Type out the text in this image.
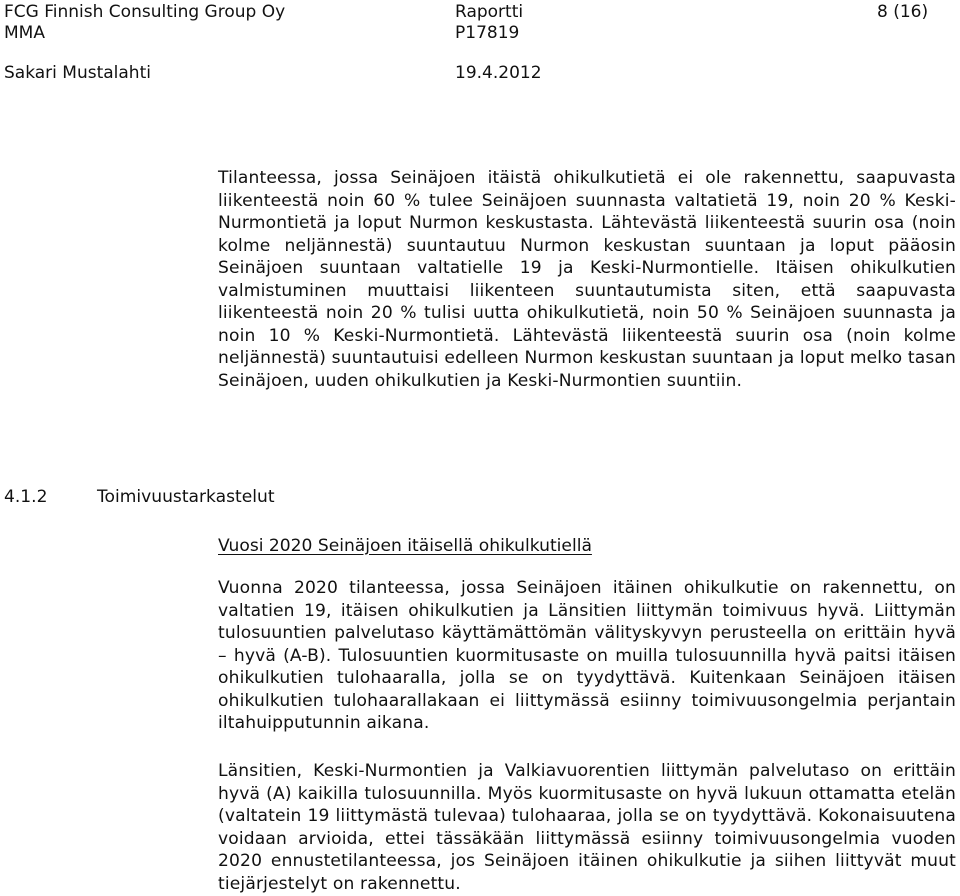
FCG Finnish Consulting Group Oy	Raportti	8 (16)
MMA	P17819
Sakari Mustalahti	19.4.2012

Tilanteessa, jossa Seinäjoen itäistä ohikulkutietä ei ole rakennettu, saapuvasta liikenteestä noin 60 % tulee Seinäjoen suunnasta valtatietä 19, noin 20 % Keski-Nurmontietä ja loput Nurmon keskustasta. Lähtevästä liikenteestä suurin osa (noin kolme neljännestä) suuntautuu Nurmon keskustan suuntaan ja loput pääosin Seinäjoen suuntaan valtatielle 19 ja Keski-Nurmontielle. Itäisen ohikulkutien valmistuminen muuttaisi liikenteen suuntautumista siten, että saapuvasta liikenteestä noin 20 % tulisi uutta ohikulkutietä, noin 50 % Seinäjoen suunnasta ja noin 10 % Keski-Nurmontietä. Lähtevästä liikenteestä suurin osa (noin kolme neljännestä) suuntautuisi edelleen Nurmon keskustan suuntaan ja loput melko tasan Seinäjoen, uuden ohikulkutien ja Keski-Nurmontien suuntiin.

4.1.2	Toimivuustarkastelut
Vuosi 2020 Seinäjoen itäisellä ohikulkutiellä

Vuonna 2020 tilanteessa, jossa Seinäjoen itäinen ohikulkutie on rakennettu, on valtatien 19, itäisen ohikulkutien ja Länsitien liittymän toimivuus hyvä. Liittymän tulosuuntien palvelutaso käyttämättömän välityskyvyn perusteella on erittäin hyvä – hyvä (A-B). Tulosuuntien kuormitusaste on muilla tulosuunnilla hyvä paitsi itäisen ohikulkutien tulohaaralla, jolla se on tyydyttävä. Kuitenkaan Seinäjoen itäisen ohikulkutien tulohaarallakaan ei liittymässä esiinny toimivuusongelmia perjantain iltahuipputunnin aikana.

Länsitien, Keski-Nurmontien ja Valkiavuorentien liittymän palvelutaso on erittäin hyvä (A) kaikilla tulosuunnilla. Myös kuormitusaste on hyvä lukuun ottamatta etelän (valtatein 19 liittymästä tulevaa) tulohaaraa, jolla se on tyydyttävä. Kokonaisuutena voidaan arvioida, ettei tässäkään liittymässä esiinny toimivuusongelmia vuoden 2020 ennustetilanteessa, jos Seinäjoen itäinen ohikulkutie ja siihen liittyvät muut tiejärjestelyt on rakennettu.
